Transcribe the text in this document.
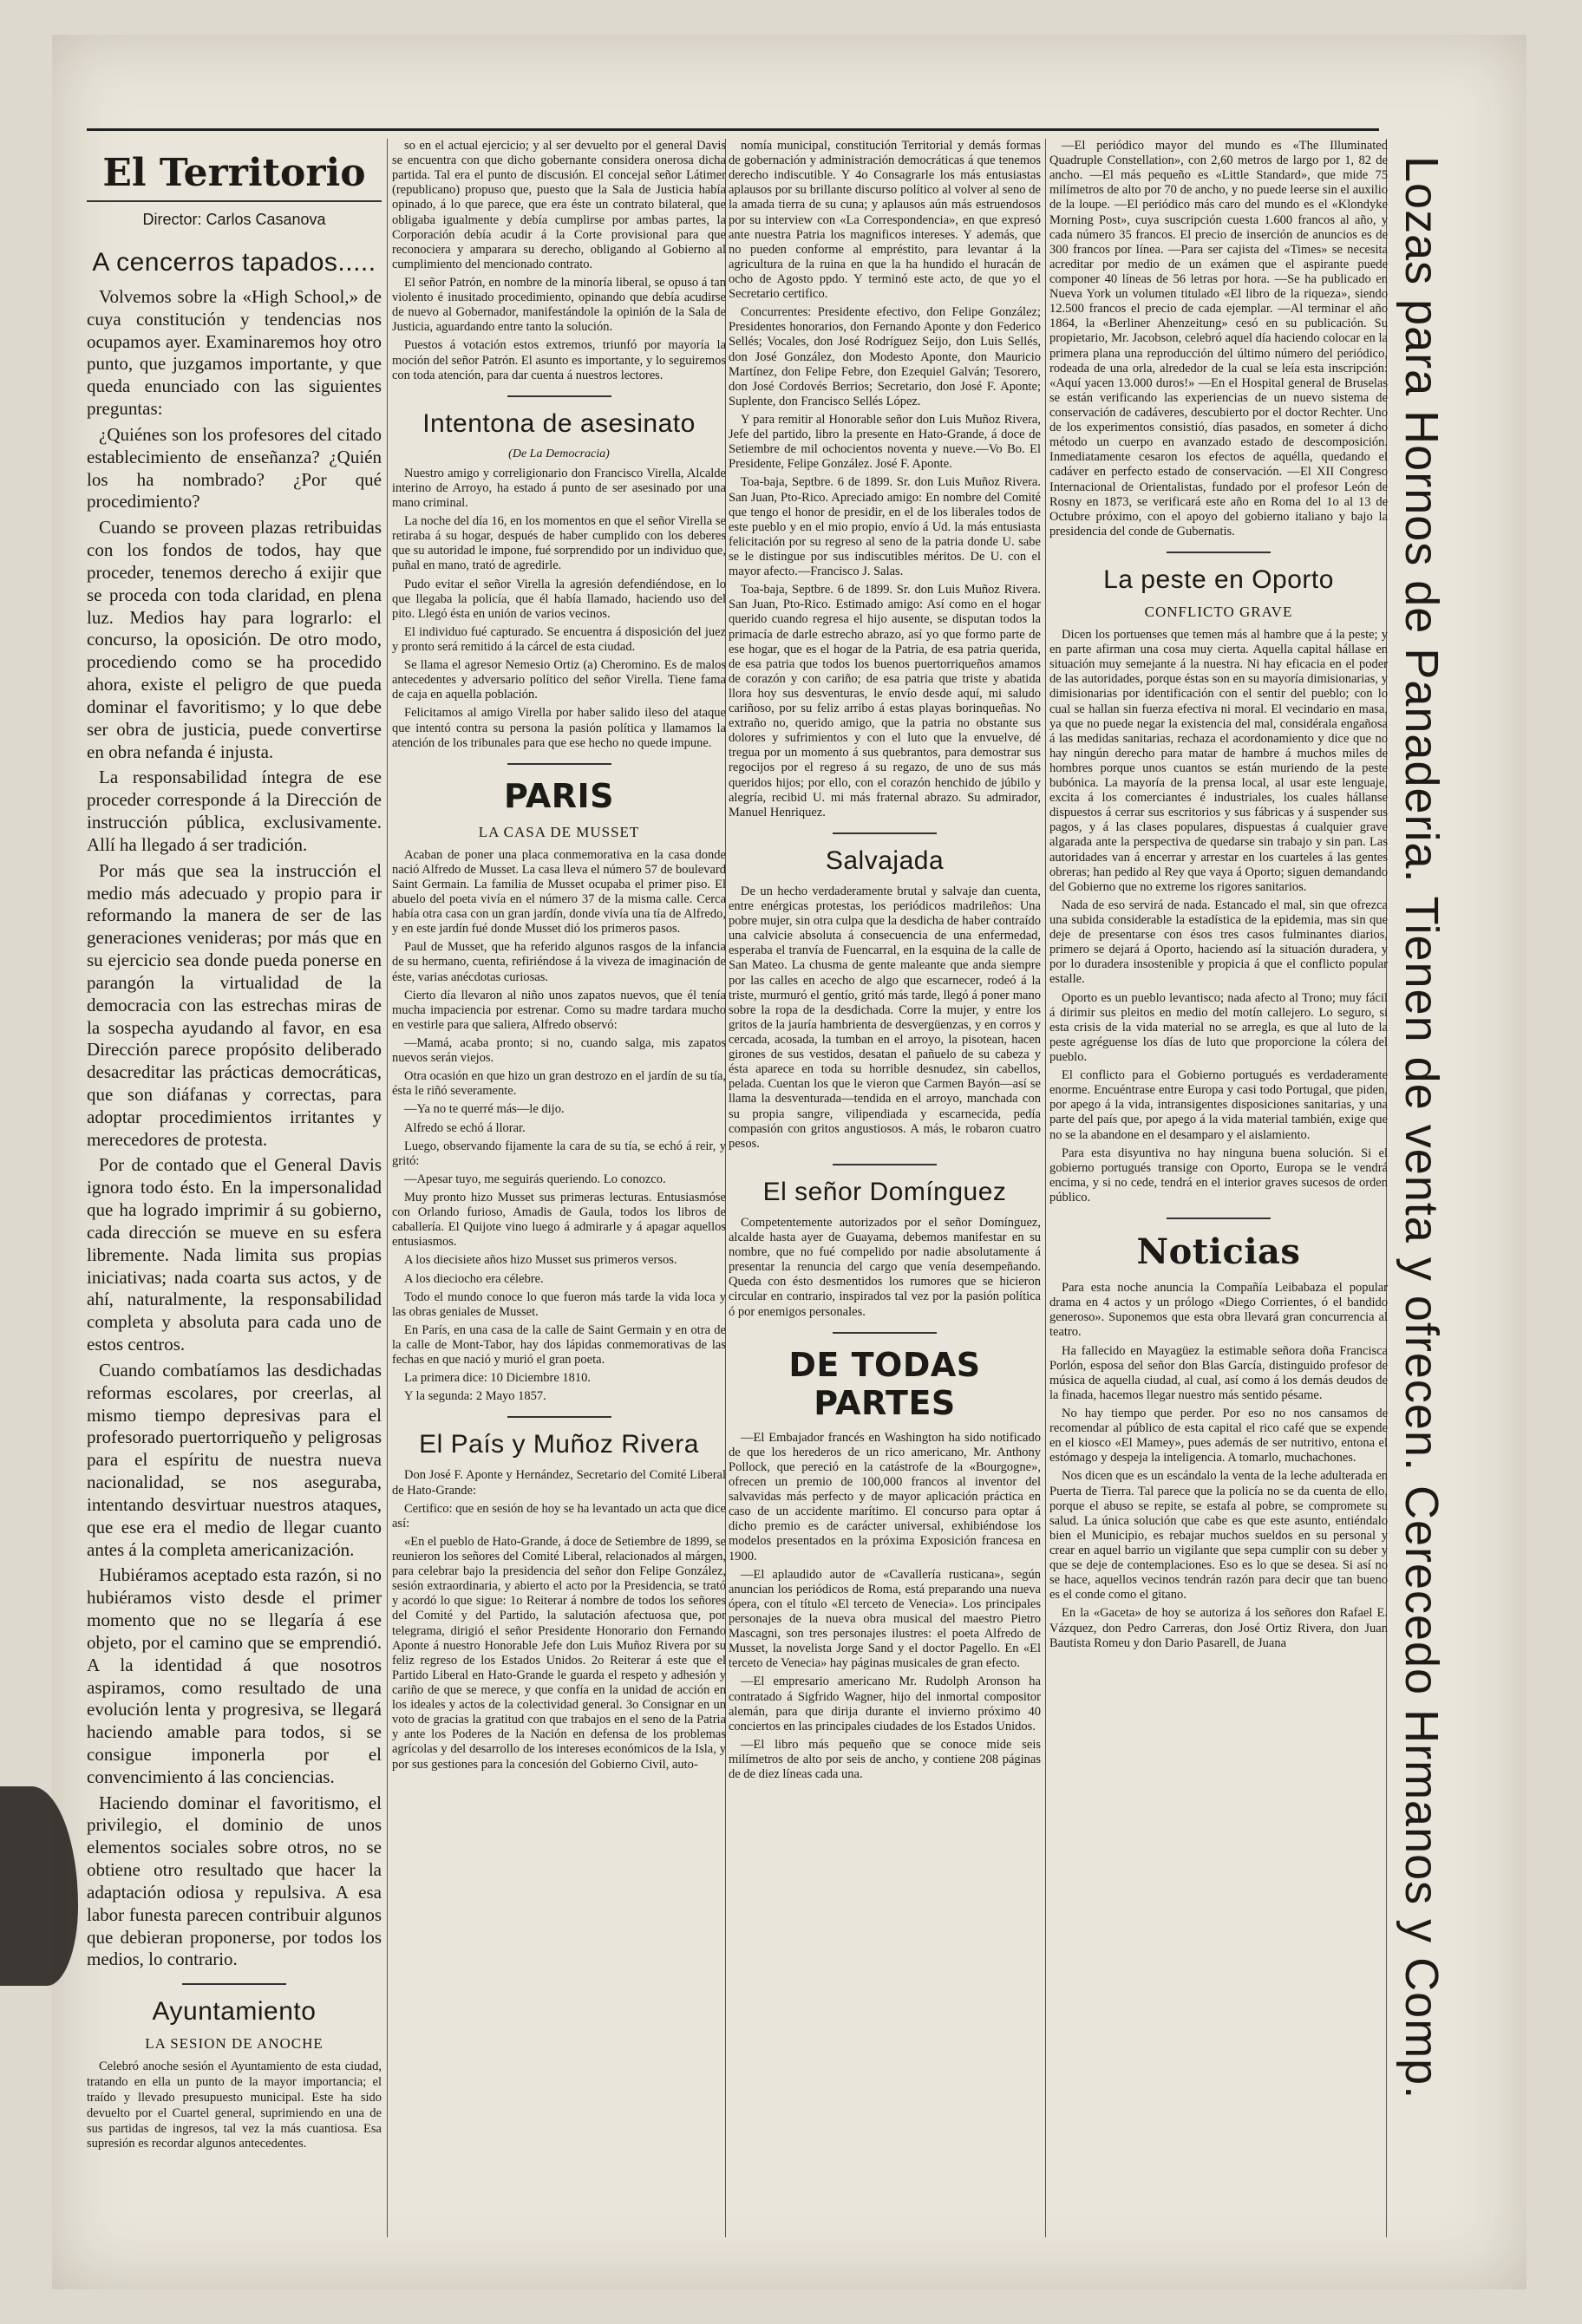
El Territorio
Director: Carlos Casanova
A cencerros tapados.....

Volvemos sobre la «High School,» de cuya constitución y tendencias nos ocupamos ayer. Examinaremos hoy otro punto, que juzgamos importante, y que queda enunciado con las siguientes preguntas:

¿Quiénes son los profesores del citado establecimiento de enseñanza? ¿Quién los ha nombrado? ¿Por qué procedimiento?

Cuando se proveen plazas retribuidas con los fondos de todos, hay que proceder, tenemos derecho á exijir que se proceda con toda claridad, en plena luz. Medios hay para lograrlo: el concurso, la oposición. De otro modo, procediendo como se ha procedido ahora, existe el peligro de que pueda dominar el favoritismo; y lo que debe ser obra de justicia, puede convertirse en obra nefanda é injusta.

La responsabilidad íntegra de ese proceder corresponde á la Dirección de instrucción pública, exclusivamente. Allí ha llegado á ser tradición.

Por más que sea la instrucción el medio más adecuado y propio para ir reformando la manera de ser de las generaciones venideras; por más que en su ejercicio sea donde pueda ponerse en parangón la virtualidad de la democracia con las estrechas miras de la sospecha ayudando al favor, en esa Dirección parece propósito deliberado desacreditar las prácticas democráticas, que son diáfanas y correctas, para adoptar procedimientos irritantes y merecedores de protesta.

Por de contado que el General Davis ignora todo ésto. En la impersonalidad que ha logrado imprimir á su gobierno, cada dirección se mueve en su esfera libremente. Nada limita sus propias iniciativas; nada coarta sus actos, y de ahí, naturalmente, la responsabilidad completa y absoluta para cada uno de estos centros.

Cuando combatíamos las desdichadas reformas escolares, por creerlas, al mismo tiempo depresivas para el profesorado puertorriqueño y peligrosas para el espíritu de nuestra nueva nacionalidad, se nos aseguraba, intentando desvirtuar nuestros ataques, que ese era el medio de llegar cuanto antes á la completa americanización.

Hubiéramos aceptado esta razón, si no hubiéramos visto desde el primer momento que no se llegaría á ese objeto, por el camino que se emprendió. A la identidad á que nosotros aspiramos, como resultado de una evolución lenta y progresiva, se llegará haciendo amable para todos, si se consigue imponerla por el convencimiento á las conciencias.

Haciendo dominar el favoritismo, el privilegio, el dominio de unos elementos sociales sobre otros, no se obtiene otro resultado que hacer la adaptación odiosa y repulsiva. A esa labor funesta parecen contribuir algunos que debieran proponerse, por todos los medios, lo contrario.

Ayuntamiento
LA SESION DE ANOCHE

Celebró anoche sesión el Ayuntamiento de esta ciudad, tratando en ella un punto de la mayor importancia; el traído y llevado presupuesto municipal. Este ha sido devuelto por el Cuartel general, suprimiendo en una de sus partidas de ingresos, tal vez la más cuantiosa. Esa supresión es recordar algunos antecedentes.

so en el actual ejercicio; y al ser devuelto por el general Davis se encuentra con que dicho gobernante considera onerosa dicha partida. Tal era el punto de discusión. El concejal señor Látimer (republicano) propuso que, puesto que la Sala de Justicia había opinado, á lo que parece, que era éste un contrato bilateral, que obligaba igualmente y debía cumplirse por ambas partes, la Corporación debía acudir á la Corte provisional para que reconociera y amparara su derecho, obligando al Gobierno al cumplimiento del mencionado contrato.

El señor Patrón, en nombre de la minoría liberal, se opuso á tan violento é inusitado procedimiento, opinando que debía acudirse de nuevo al Gobernador, manifestándole la opinión de la Sala de Justicia, aguardando entre tanto la solución.

Puestos á votación estos extremos, triunfó por mayoría la moción del señor Patrón. El asunto es importante, y lo seguiremos con toda atención, para dar cuenta á nuestros lectores.

Intentona de asesinato
(De La Democracia)

Nuestro amigo y correligionario don Francisco Virella, Alcalde interino de Arroyo, ha estado á punto de ser asesinado por una mano criminal.

La noche del día 16, en los momentos en que el señor Virella se retiraba á su hogar, después de haber cumplido con los deberes que su autoridad le impone, fué sorprendido por un individuo que, puñal en mano, trató de agredirle.

Pudo evitar el señor Virella la agresión defendiéndose, en lo que llegaba la policía, que él había llamado, haciendo uso del pito. Llegó ésta en unión de varios vecinos.

El individuo fué capturado. Se encuentra á disposición del juez y pronto será remitido á la cárcel de esta ciudad.

Se llama el agresor Nemesio Ortiz (a) Cheromino. Es de malos antecedentes y adversario político del señor Virella. Tiene fama de caja en aquella población.

Felicitamos al amigo Virella por haber salido ileso del ataque que intentó contra su persona la pasión política y llamamos la atención de los tribunales para que ese hecho no quede impune.

PARIS
LA CASA DE MUSSET

Acaban de poner una placa conmemorativa en la casa donde nació Alfredo de Musset. La casa lleva el número 57 de boulevard Saint Germain. La familia de Musset ocupaba el primer piso. El abuelo del poeta vivía en el número 37 de la misma calle. Cerca había otra casa con un gran jardín, donde vivía una tía de Alfredo, y en este jardín fué donde Musset dió los primeros pasos.

Paul de Musset, que ha referido algunos rasgos de la infancia de su hermano, cuenta, refiriéndose á la viveza de imaginación de éste, varias anécdotas curiosas.

Cierto día llevaron al niño unos zapatos nuevos, que él tenía mucha impaciencia por estrenar. Como su madre tardara mucho en vestirle para que saliera, Alfredo observó:

—Mamá, acaba pronto; si no, cuando salga, mis zapatos nuevos serán viejos.

Otra ocasión en que hizo un gran destrozo en el jardín de su tía, ésta le riñó severamente.

—Ya no te querré más—le dijo.

Alfredo se echó á llorar.

Luego, observando fijamente la cara de su tía, se echó á reir, y gritó:

—Apesar tuyo, me seguirás queriendo. Lo conozco.

Muy pronto hizo Musset sus primeras lecturas. Entusiasmóse con Orlando furioso, Amadis de Gaula, todos los libros de caballería. El Quijote vino luego á admirarle y á apagar aquellos entusiasmos.

A los diecisiete años hizo Musset sus primeros versos.

A los dieciocho era célebre.

Todo el mundo conoce lo que fueron más tarde la vida loca y las obras geniales de Musset.

En París, en una casa de la calle de Saint Germain y en otra de la calle de Mont-Tabor, hay dos lápidas conmemorativas de las fechas en que nació y murió el gran poeta.

La primera dice: 10 Diciembre 1810.

Y la segunda: 2 Mayo 1857.

El País y Muñoz Rivera

Don José F. Aponte y Hernández, Secretario del Comité Liberal de Hato-Grande:

Certifico: que en sesión de hoy se ha levantado un acta que dice así:

«En el pueblo de Hato-Grande, á doce de Setiembre de 1899, se reunieron los señores del Comité Liberal, relacionados al márgen, para celebrar bajo la presidencia del señor don Felipe González, sesión extraordinaria, y abierto el acto por la Presidencia, se trató y acordó lo que sigue: 1o Reiterar á nombre de todos los señores del Comité y del Partido, la salutación afectuosa que, por telegrama, dirigió el señor Presidente Honorario don Fernando Aponte á nuestro Honorable Jefe don Luis Muñoz Rivera por su feliz regreso de los Estados Unidos. 2o Reiterar á este que el Partido Liberal en Hato-Grande le guarda el respeto y adhesión y cariño de que se merece, y que confía en la unidad de acción en los ideales y actos de la colectividad general. 3o Consignar en un voto de gracias la gratitud con que trabajos en el seno de la Patria y ante los Poderes de la Nación en defensa de los problemas agrícolas y del desarrollo de los intereses económicos de la Isla, y por sus gestiones para la concesión del Gobierno Civil, auto-

nomía municipal, constitución Territorial y demás formas de gobernación y administración democráticas á que tenemos derecho indiscutible. Y 4o Consagrarle los más entusiastas aplausos por su brillante discurso político al volver al seno de la amada tierra de su cuna; y aplausos aún más estruendosos por su interview con «La Correspondencia», en que expresó ante nuestra Patria los magnificos intereses. Y además, que no pueden conforme al empréstito, para levantar á la agricultura de la ruina en que la ha hundido el huracán de ocho de Agosto ppdo. Y terminó este acto, de que yo el Secretario certifico.

Concurrentes: Presidente efectivo, don Felipe González; Presidentes honorarios, don Fernando Aponte y don Federico Sellés; Vocales, don José Rodríguez Seijo, don Luis Sellés, don José González, don Modesto Aponte, don Mauricio Martínez, don Felipe Febre, don Ezequiel Galván; Tesorero, don José Cordovés Berrios; Secretario, don José F. Aponte; Suplente, don Francisco Sellés López.

Y para remitir al Honorable señor don Luis Muñoz Rivera, Jefe del partido, libro la presente en Hato-Grande, á doce de Setiembre de mil ochocientos noventa y nueve.—Vo Bo. El Presidente, Felipe González. José F. Aponte.

Toa-baja, Septbre. 6 de 1899. Sr. don Luis Muñoz Rivera. San Juan, Pto-Rico. Apreciado amigo: En nombre del Comité que tengo el honor de presidir, en el de los liberales todos de este pueblo y en el mio propio, envío á Ud. la más entusiasta felicitación por su regreso al seno de la patria donde U. sabe se le distingue por sus indiscutibles méritos. De U. con el mayor afecto.—Francisco J. Salas.

Toa-baja, Septbre. 6 de 1899. Sr. don Luis Muñoz Rivera. San Juan, Pto-Rico. Estimado amigo: Así como en el hogar querido cuando regresa el hijo ausente, se disputan todos la primacía de darle estrecho abrazo, así yo que formo parte de ese hogar, que es el hogar de la Patria, de esa patria querida, de esa patria que todos los buenos puertorriqueños amamos de corazón y con cariño; de esa patria que triste y abatida llora hoy sus desventuras, le envío desde aquí, mi saludo cariñoso, por su feliz arribo á estas playas borinqueñas. No extraño no, querido amigo, que la patria no obstante sus dolores y sufrimientos y con el luto que la envuelve, dé tregua por un momento á sus quebrantos, para demostrar sus regocijos por el regreso á su regazo, de uno de sus más queridos hijos; por ello, con el corazón henchido de júbilo y alegría, recibid U. mi más fraternal abrazo. Su admirador, Manuel Henriquez.

Salvajada

De un hecho verdaderamente brutal y salvaje dan cuenta, entre enérgicas protestas, los periódicos madrileños: Una pobre mujer, sin otra culpa que la desdicha de haber contraído una calvicie absoluta á consecuencia de una enfermedad, esperaba el tranvía de Fuencarral, en la esquina de la calle de San Mateo. La chusma de gente maleante que anda siempre por las calles en acecho de algo que escarnecer, rodeó á la triste, murmuró el gentío, gritó más tarde, llegó á poner mano sobre la ropa de la desdichada. Corre la mujer, y entre los gritos de la jauría hambrienta de desvergüenzas, y en corros y cercada, acosada, la tumban en el arroyo, la pisotean, hacen girones de sus vestidos, desatan el pañuelo de su cabeza y ésta aparece en toda su horrible desnudez, sin cabellos, pelada. Cuentan los que le vieron que Carmen Bayón—así se llama la desventurada—tendida en el arroyo, manchada con su propia sangre, vilipendiada y escarnecida, pedía compasión con gritos angustiosos. A más, le robaron cuatro pesos.

El señor Domínguez

Competentemente autorizados por el señor Domínguez, alcalde hasta ayer de Guayama, debemos manifestar en su nombre, que no fué compelido por nadie absolutamente á presentar la renuncia del cargo que venía desempeñando. Queda con ésto desmentidos los rumores que se hicieron circular en contrario, inspirados tal vez por la pasión política ó por enemigos personales.

DE TODAS PARTES

—El Embajador francés en Washington ha sido notificado de que los herederos de un rico americano, Mr. Anthony Pollock, que pereció en la catástrofe de la «Bourgogne», ofrecen un premio de 100,000 francos al inventor del salvavidas más perfecto y de mayor aplicación práctica en caso de un accidente marítimo. El concurso para optar á dicho premio es de carácter universal, exhibiéndose los modelos presentados en la próxima Exposición francesa en 1900.

—El aplaudido autor de «Cavallería rusticana», según anuncian los periódicos de Roma, está preparando una nueva ópera, con el título «El terceto de Venecia». Los principales personajes de la nueva obra musical del maestro Pietro Mascagni, son tres personajes ilustres: el poeta Alfredo de Musset, la novelista Jorge Sand y el doctor Pagello. En «El terceto de Venecia» hay páginas musicales de gran efecto.

—El empresario americano Mr. Rudolph Aronson ha contratado á Sigfrido Wagner, hijo del inmortal compositor alemán, para que dirija durante el invierno próximo 40 conciertos en las principales ciudades de los Estados Unidos.

—El libro más pequeño que se conoce mide seis milímetros de alto por seis de ancho, y contiene 208 páginas de de diez líneas cada una.

—El periódico mayor del mundo es «The Illuminated Quadruple Constellation», con 2,60 metros de largo por 1, 82 de ancho. —El más pequeño es «Little Standard», que mide 75 milímetros de alto por 70 de ancho, y no puede leerse sin el auxilio de la loupe. —El periódico más caro del mundo es el «Klondyke Morning Post», cuya suscripción cuesta 1.600 francos al año, y cada número 35 francos. El precio de inserción de anuncios es de 300 francos por línea. —Para ser cajista del «Times» se necesita acreditar por medio de un exámen que el aspirante puede componer 40 líneas de 56 letras por hora. —Se ha publicado en Nueva York un volumen titulado «El libro de la riqueza», siendo 12.500 francos el precio de cada ejemplar. —Al terminar el año 1864, la «Berliner Ahenzeitung» cesó en su publicación. Su propietario, Mr. Jacobson, celebró aquel día haciendo colocar en la primera plana una reproducción del último número del periódico, rodeada de una orla, alrededor de la cual se leía esta inscripción: «Aquí yacen 13.000 duros!» —En el Hospital general de Bruselas se están verificando las experiencias de un nuevo sistema de conservación de cadáveres, descubierto por el doctor Rechter. Uno de los experimentos consistió, días pasados, en someter á dicho método un cuerpo en avanzado estado de descomposición. Inmediatamente cesaron los efectos de aquélla, quedando el cadáver en perfecto estado de conservación. —El XII Congreso Internacional de Orientalistas, fundado por el profesor León de Rosny en 1873, se verificará este año en Roma del 1o al 13 de Octubre próximo, con el apoyo del gobierno italiano y bajo la presidencia del conde de Gubernatis.

La peste en Oporto
CONFLICTO GRAVE

Dicen los portuenses que temen más al hambre que á la peste; y en parte afirman una cosa muy cierta. Aquella capital hállase en situación muy semejante á la nuestra. Ni hay eficacia en el poder de las autoridades, porque éstas son en su mayoría dimisionarias, y dimisionarias por identificación con el sentir del pueblo; con lo cual se hallan sin fuerza efectiva ni moral. El vecindario en masa, ya que no puede negar la existencia del mal, considérala engañosa á las medidas sanitarias, rechaza el acordonamiento y dice que no hay ningún derecho para matar de hambre á muchos miles de hombres porque unos cuantos se están muriendo de la peste bubónica. La mayoría de la prensa local, al usar este lenguaje, excita á los comerciantes é industriales, los cuales hállanse dispuestos á cerrar sus escritorios y sus fábricas y á suspender sus pagos, y á las clases populares, dispuestas á cualquier grave algarada ante la perspectiva de quedarse sin trabajo y sin pan. Las autoridades van á encerrar y arrestar en los cuarteles á las gentes obreras; han pedido al Rey que vaya á Oporto; siguen demandando del Gobierno que no extreme los rigores sanitarios.

Nada de eso servirá de nada. Estancado el mal, sin que ofrezca una subida considerable la estadística de la epidemia, mas sin que deje de presentarse con ésos tres casos fulminantes diarios, primero se dejará á Oporto, haciendo así la situación duradera, y por lo duradera insostenible y propicia á que el conflicto popular estalle.

Oporto es un pueblo levantisco; nada afecto al Trono; muy fácil á dirimir sus pleitos en medio del motín callejero. Lo seguro, si esta crisis de la vida material no se arregla, es que al luto de la peste agréguense los días de luto que proporcione la cólera del pueblo.

El conflicto para el Gobierno portugués es verdaderamente enorme. Encuéntrase entre Europa y casi todo Portugal, que piden, por apego á la vida, intransigentes disposiciones sanitarias, y una parte del país que, por apego á la vida material también, exige que no se la abandone en el desamparo y el aislamiento.

Para esta disyuntiva no hay ninguna buena solución. Si el gobierno portugués transige con Oporto, Europa se le vendrá encima, y si no cede, tendrá en el interior graves sucesos de orden público.

Noticias

Para esta noche anuncia la Compañía Leibabaza el popular drama en 4 actos y un prólogo «Diego Corrientes, ó el bandido generoso». Suponemos que esta obra llevará gran concurrencia al teatro.

Ha fallecido en Mayagüez la estimable señora doña Francisca Porlón, esposa del señor don Blas García, distinguido profesor de música de aquella ciudad, al cual, así como á los demás deudos de la finada, hacemos llegar nuestro más sentido pésame.

No hay tiempo que perder. Por eso no nos cansamos de recomendar al público de esta capital el rico café que se expende en el kiosco «El Mamey», pues además de ser nutritivo, entona el estómago y despeja la inteligencia. A tomarlo, muchachones.

Nos dicen que es un escándalo la venta de la leche adulterada en Puerta de Tierra. Tal parece que la policía no se da cuenta de ello, porque el abuso se repite, se estafa al pobre, se compromete su salud. La única solución que cabe es que este asunto, entiéndalo bien el Municipio, es rebajar muchos sueldos en su personal y crear en aquel barrio un vigilante que sepa cumplir con su deber y que se deje de contemplaciones. Eso es lo que se desea. Si así no se hace, aquellos vecinos tendrán razón para decir que tan bueno es el conde como el gitano.

En la «Gaceta» de hoy se autoriza á los señores don Rafael E. Vázquez, don Pedro Carreras, don José Ortiz Rivera, don Juan Bautista Romeu y don Dario Pasarell, de Juana	Lozas para Hornos de Panaderia. Tienen de venta y ofrecen. Cerecedo Hrmanos y Comp.
